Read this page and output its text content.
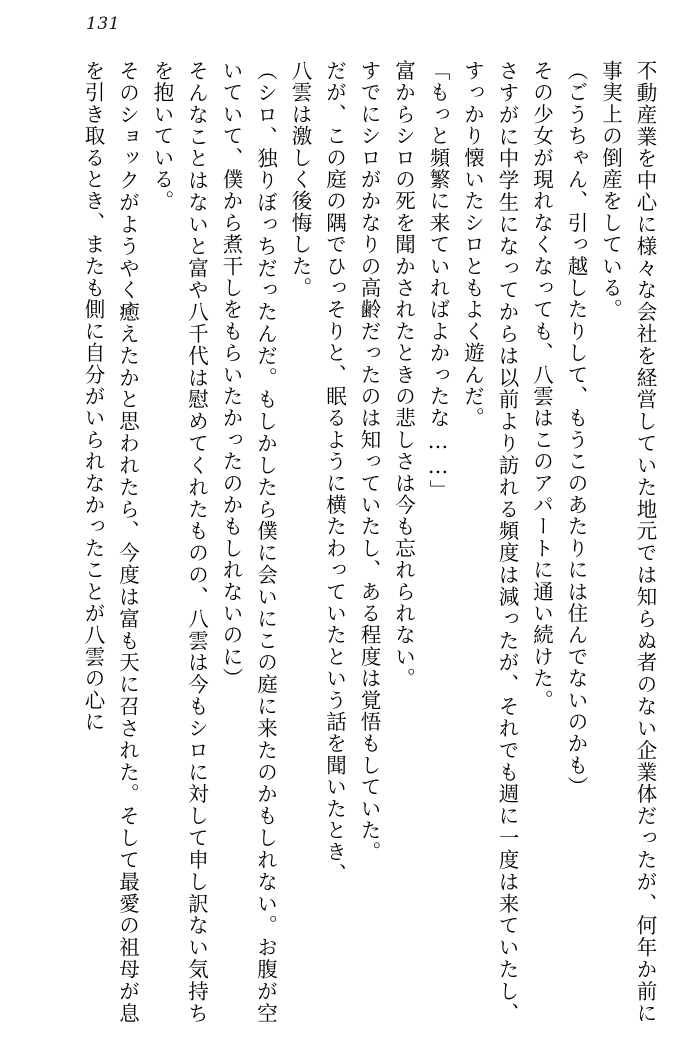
131

不動産業を中心に様々な会社を経営していた地元では知らぬ者のない企業体だったが、何年か前に事実上の倒産をしている。

（ごうちゃん、引っ越したりして、もうこのあたりには住んでないのかも）

その少女が現れなくなっても、八雲はこのアパートに通い続けた。

さすがに中学生になってからは以前より訪れる頻度は減ったが、それでも週に一度は来ていたし、すっかり懐いたシロともよく遊んだ。

「もっと頻繁に来ていればよかったな……」

富からシロの死を聞かされたときの悲しさは今も忘れられない。

すでにシロがかなりの高齢だったのは知っていたし、ある程度は覚悟もしていた。

だが、この庭の隅でひっそりと、眠るように横たわっていたという話を聞いたとき、

八雲は激しく後悔した。

（シロ、独りぼっちだったんだ。もしかしたら僕に会いにこの庭に来たのかもしれない。お腹が空いていて、僕から煮干しをもらいたかったのかもしれないのに）

そんなことはないと富や八千代は慰めてくれたものの、八雲は今もシロに対して申し訳ない気持ちを抱いている。

そのショックがようやく癒えたかと思われたら、今度は富も天に召された。そして最愛の祖母が息を引き取るとき、またも側に自分がいられなかったことが八雲の心に
